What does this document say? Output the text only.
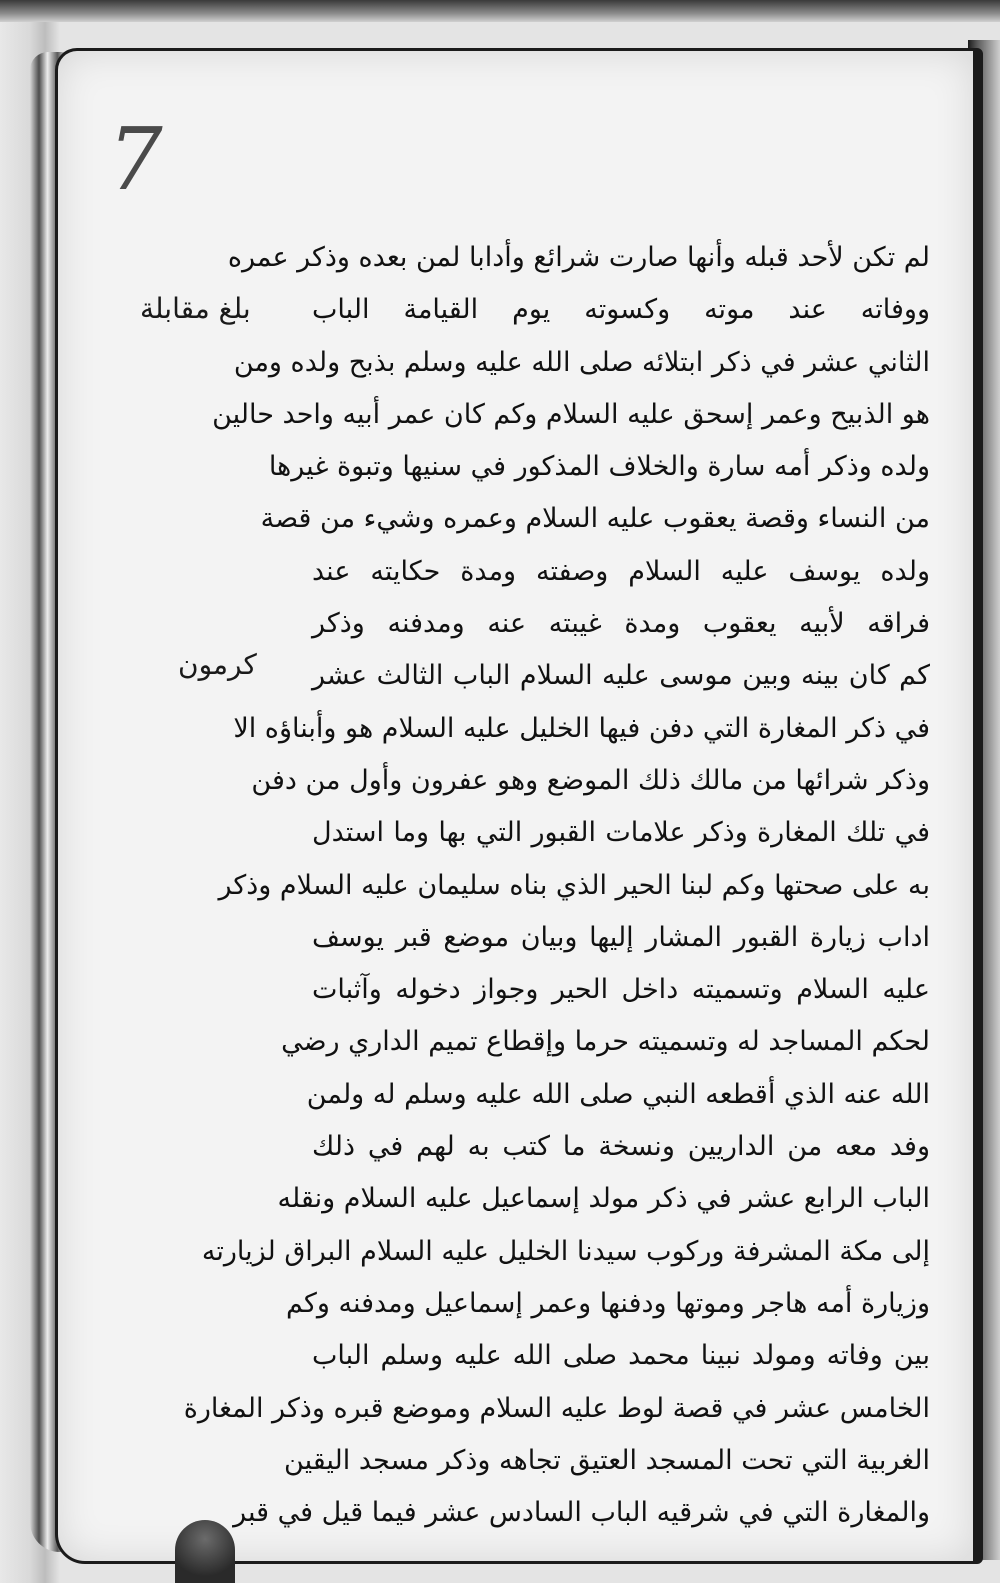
7
بلغ مقابلة
كرمون
لم تكن لأحد قبله وأنها صارت شرائع وأدابا لمن بعده وذكر عمره
ووفاته عند موته وكسوته يوم القيامة الباب
الثاني عشر في ذكر ابتلائه صلى الله عليه وسلم بذبح ولده ومن
هو الذبيح وعمر إسحق عليه السلام وكم كان عمر أبيه واحد حالين
ولده وذكر أمه سارة والخلاف المذكور في سنيها وتبوة غيرها
من النساء وقصة يعقوب عليه السلام وعمره وشيء من قصة
ولده يوسف عليه السلام وصفته ومدة حكايته عند
فراقه لأبيه يعقوب ومدة غيبته عنه ومدفنه وذكر
كم كان بينه وبين موسى عليه السلام الباب الثالث عشر
في ذكر المغارة التي دفن فيها الخليل عليه السلام هو وأبناؤه الا
وذكر شرائها من مالك ذلك الموضع وهو عفرون وأول من دفن
في تلك المغارة وذكر علامات القبور التي بها وما استدل
به على صحتها وكم لبنا الحير الذي بناه سليمان عليه السلام وذكر
اداب زيارة القبور المشار إليها وبيان موضع قبر يوسف
عليه السلام وتسميته داخل الحير وجواز دخوله وآثبات
لحكم المساجد له وتسميته حرما وإقطاع تميم الداري رضي
الله عنه الذي أقطعه النبي صلى الله عليه وسلم له ولمن
وفد معه من الداريين ونسخة ما كتب به لهم في ذلك
الباب الرابع عشر في ذكر مولد إسماعيل عليه السلام ونقله
إلى مكة المشرفة وركوب سيدنا الخليل عليه السلام البراق لزيارته
وزيارة أمه هاجر وموتها ودفنها وعمر إسماعيل ومدفنه وكم
بين وفاته ومولد نبينا محمد صلى الله عليه وسلم الباب
الخامس عشر في قصة لوط عليه السلام وموضع قبره وذكر المغارة
الغربية التي تحت المسجد العتيق تجاهه وذكر مسجد اليقين
والمغارة التي في شرقيه الباب السادس عشر فيما قيل في قبر
